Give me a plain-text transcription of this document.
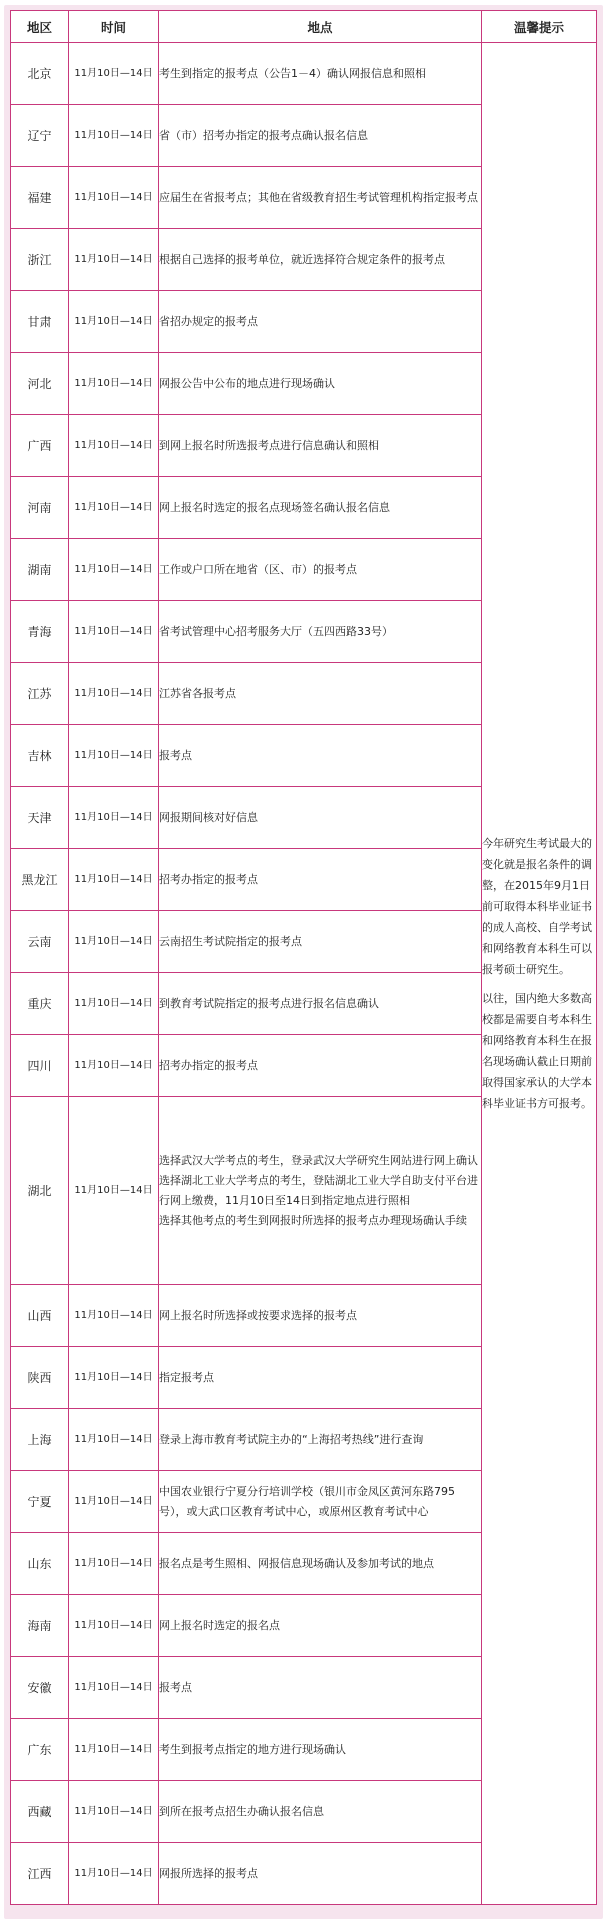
地区	时间	地点	温馨提示
北京	11月10日—14日	考生到指定的报考点（公告1－4）确认网报信息和照相	今年研究生考试最大的变化就是报名条件的调整，在2015年9月1日前可取得本科毕业证书的成人高校、自学考试和网络教育本科生可以报考硕士研究生。
以往，国内绝大多数高校都是需要自考本科生和网络教育本科生在报名现场确认截止日期前取得国家承认的大学本科毕业证书方可报考。

辽宁	11月10日—14日	省（市）招考办指定的报考点确认报名信息	
福建	11月10日—14日	应届生在省报考点；其他在省级教育招生考试管理机构指定报考点	
浙江	11月10日—14日	根据自己选择的报考单位，就近选择符合规定条件的报考点	
甘肃	11月10日—14日	省招办规定的报考点	
河北	11月10日—14日	网报公告中公布的地点进行现场确认	
广西	11月10日—14日	到网上报名时所选报考点进行信息确认和照相	
河南	11月10日—14日	网上报名时选定的报名点现场签名确认报名信息	
湖南	11月10日—14日	工作或户口所在地省（区、市）的报考点	
青海	11月10日—14日	省考试管理中心招考服务大厅（五四西路33号）	
江苏	11月10日—14日	江苏省各报考点	
吉林	11月10日—14日	报考点	
天津	11月10日—14日	网报期间核对好信息	
黑龙江	11月10日—14日	招考办指定的报考点	
云南	11月10日—14日	云南招生考试院指定的报考点	
重庆	11月10日—14日	到教育考试院指定的报考点进行报名信息确认	
四川	11月10日—14日	招考办指定的报考点	
湖北	11月10日—14日	选择武汉大学考点的考生，登录武汉大学研究生网站进行网上确认
选择湖北工业大学考点的考生，登陆湖北工业大学自助支付平台进行网上缴费，11月10日至14日到指定地点进行照相
选择其他考点的考生到网报时所选择的报考点办理现场确认手续	

山西	11月10日—14日	网上报名时所选择或按要求选择的报考点	
陕西	11月10日—14日	指定报考点	
上海	11月10日—14日	登录上海市教育考试院主办的“上海招考热线”进行查询	
宁夏	11月10日—14日	中国农业银行宁夏分行培训学校（银川市金凤区黄河东路795号），或大武口区教育考试中心，或原州区教育考试中心	
山东	11月10日—14日	报名点是考生照相、网报信息现场确认及参加考试的地点	
海南	11月10日—14日	网上报名时选定的报名点	
安徽	11月10日—14日	报考点	
广东	11月10日—14日	考生到报考点指定的地方进行现场确认	
西藏	11月10日—14日	到所在报考点招生办确认报名信息	
江西	11月10日—14日	网报所选择的报考点	
